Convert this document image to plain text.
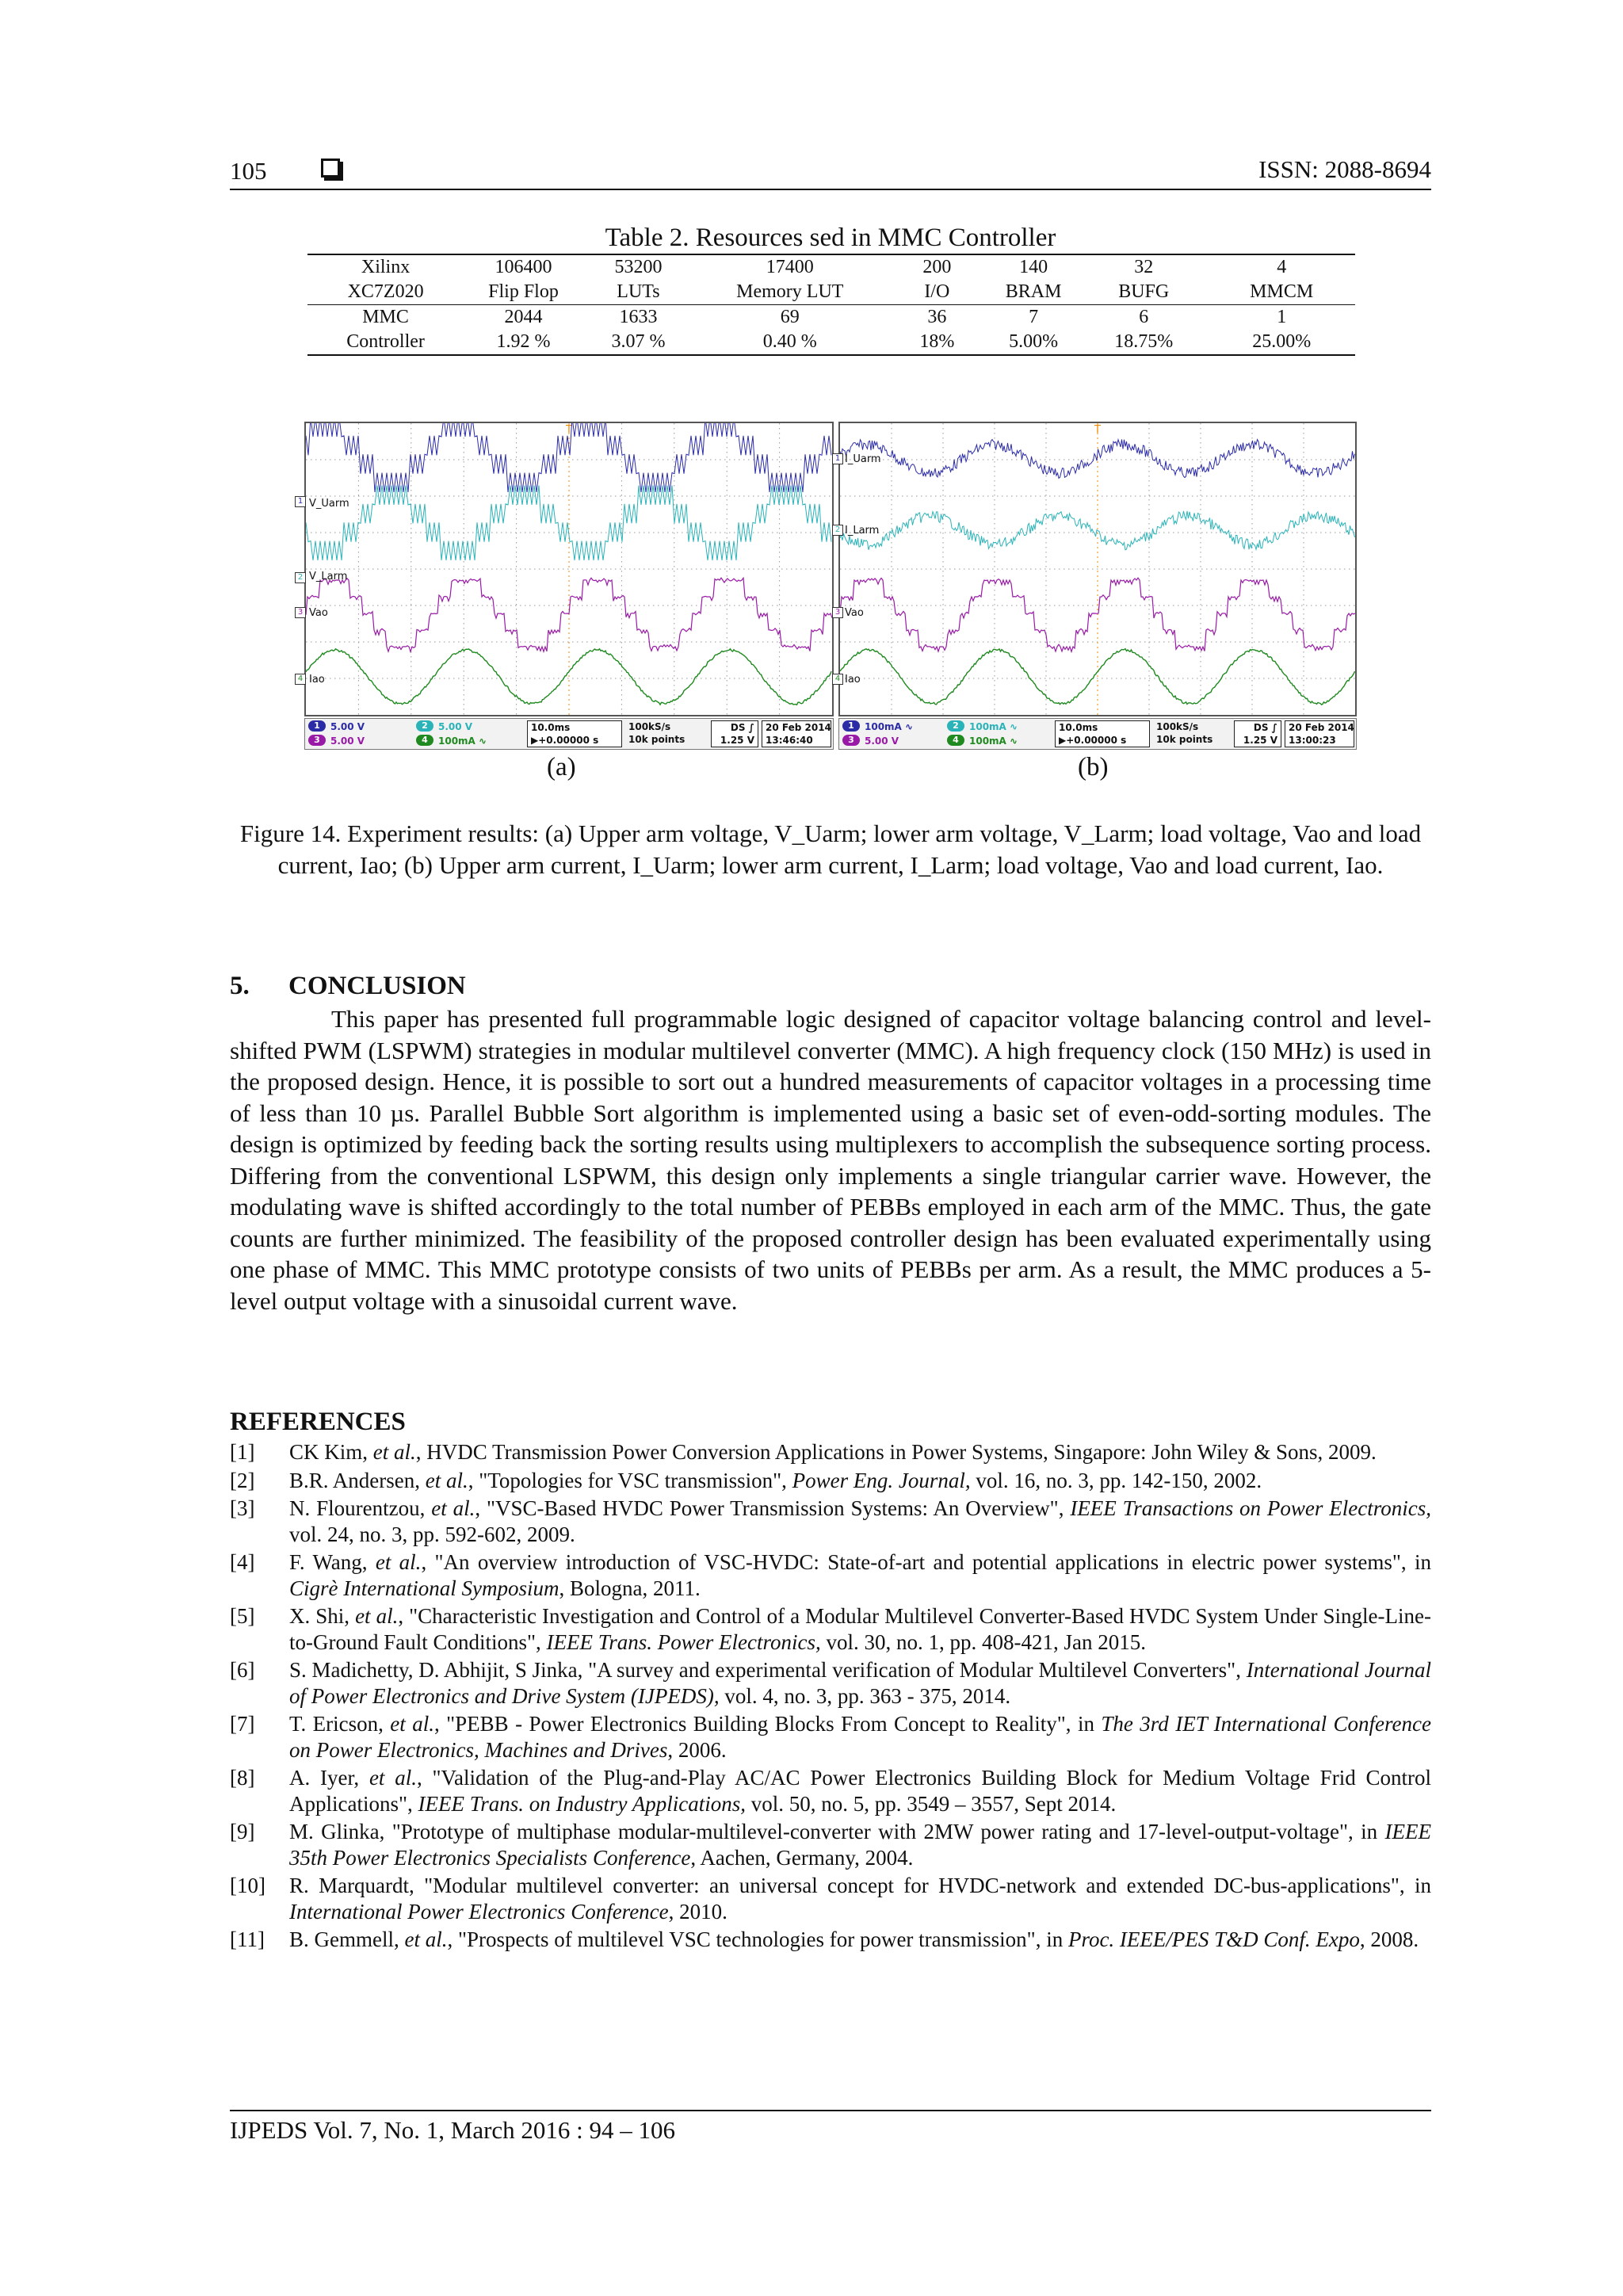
105	ISSN: 2088-8694
Table 2. Resources sed in MMC Controller
Xilinx	106400	53200	17400	200	140	32	4
XC7Z020	Flip Flop	LUTs	Memory LUT	I/O	BRAM	BUFG	MMCM
MMC	2044	1633	69	36	7	6	1
Controller	1.92 %	3.07 %	0.40 %	18%	5.00%	18.75%	25.00%
T
1 V_Uarm
2 V_Larm
3 Vao
4 Iao
1 5.00 V
3 5.00 V
2 5.00 V
4 100mA ∿
10.0ms
▶+0.00000 s
100kS/s
10k points
DS ∫
1.25 V
20 Feb 2014
13:46:40
(a)
T
1 I_Uarm
2 I_Larm
3 Vao
4 Iao
1 100mA ∿
3 5.00 V
2 100mA ∿
4 100mA ∿
10.0ms
▶+0.00000 s
100kS/s
10k points
DS ∫
1.25 V
20 Feb 2014
13:00:23
(b)
Figure 14. Experiment results: (a) Upper arm voltage, V_Uarm; lower arm voltage, V_Larm; load voltage, Vao and load current, Iao; (b) Upper arm current, I_Uarm; lower arm current, I_Larm; load voltage, Vao and load current, Iao.
5. CONCLUSION
This paper has presented full programmable logic designed of capacitor voltage balancing control and level-shifted PWM (LSPWM) strategies in modular multilevel converter (MMC). A high frequency clock (150 MHz) is used in the proposed design. Hence, it is possible to sort out a hundred measurements of capacitor voltages in a processing time of less than 10 µs. Parallel Bubble Sort algorithm is implemented using a basic set of even-odd-sorting modules. The design is optimized by feeding back the sorting results using multiplexers to accomplish the subsequence sorting process. Differing from the conventional LSPWM, this design only implements a single triangular carrier wave. However, the modulating wave is shifted accordingly to the total number of PEBBs employed in each arm of the MMC. Thus, the gate counts are further minimized. The feasibility of the proposed controller design has been evaluated experimentally using one phase of MMC. This MMC prototype consists of two units of PEBBs per arm. As a result, the MMC produces a 5-level output voltage with a sinusoidal current wave.
REFERENCES
[1]	CK Kim, et al., HVDC Transmission Power Conversion Applications in Power Systems, Singapore: John Wiley & Sons, 2009.
[2]	B.R. Andersen, et al., "Topologies for VSC transmission", Power Eng. Journal, vol. 16, no. 3, pp. 142-150, 2002.
[3]	N. Flourentzou, et al., "VSC-Based HVDC Power Transmission Systems: An Overview", IEEE Transactions on Power Electronics, vol. 24, no. 3, pp. 592-602, 2009.
[4]	F. Wang, et al., "An overview introduction of VSC-HVDC: State-of-art and potential applications in electric power systems", in Cigrè International Symposium, Bologna, 2011.
[5]	X. Shi, et al., "Characteristic Investigation and Control of a Modular Multilevel Converter-Based HVDC System Under Single-Line-to-Ground Fault Conditions", IEEE Trans. Power Electronics, vol. 30, no. 1, pp. 408-421, Jan 2015.
[6]	S. Madichetty, D. Abhijit, S Jinka, "A survey and experimental verification of Modular Multilevel Converters", International Journal of Power Electronics and Drive System (IJPEDS), vol. 4, no. 3, pp. 363 - 375, 2014.
[7]	T. Ericson, et al., "PEBB - Power Electronics Building Blocks From Concept to Reality", in The 3rd IET International Conference on Power Electronics, Machines and Drives, 2006.
[8]	A. Iyer, et al., "Validation of the Plug-and-Play AC/AC Power Electronics Building Block for Medium Voltage Frid Control Applications", IEEE Trans. on Industry Applications, vol. 50, no. 5, pp. 3549 – 3557, Sept 2014.
[9]	M. Glinka, "Prototype of multiphase modular-multilevel-converter with 2MW power rating and 17-level-output-voltage", in IEEE 35th Power Electronics Specialists Conference, Aachen, Germany, 2004.
[10]	R. Marquardt, "Modular multilevel converter: an universal concept for HVDC-network and extended DC-bus-applications", in International Power Electronics Conference, 2010.
[11]	B. Gemmell, et al., "Prospects of multilevel VSC technologies for power transmission", in Proc. IEEE/PES T&D Conf. Expo, 2008.
IJPEDS Vol. 7, No. 1, March 2016 : 94 – 106
